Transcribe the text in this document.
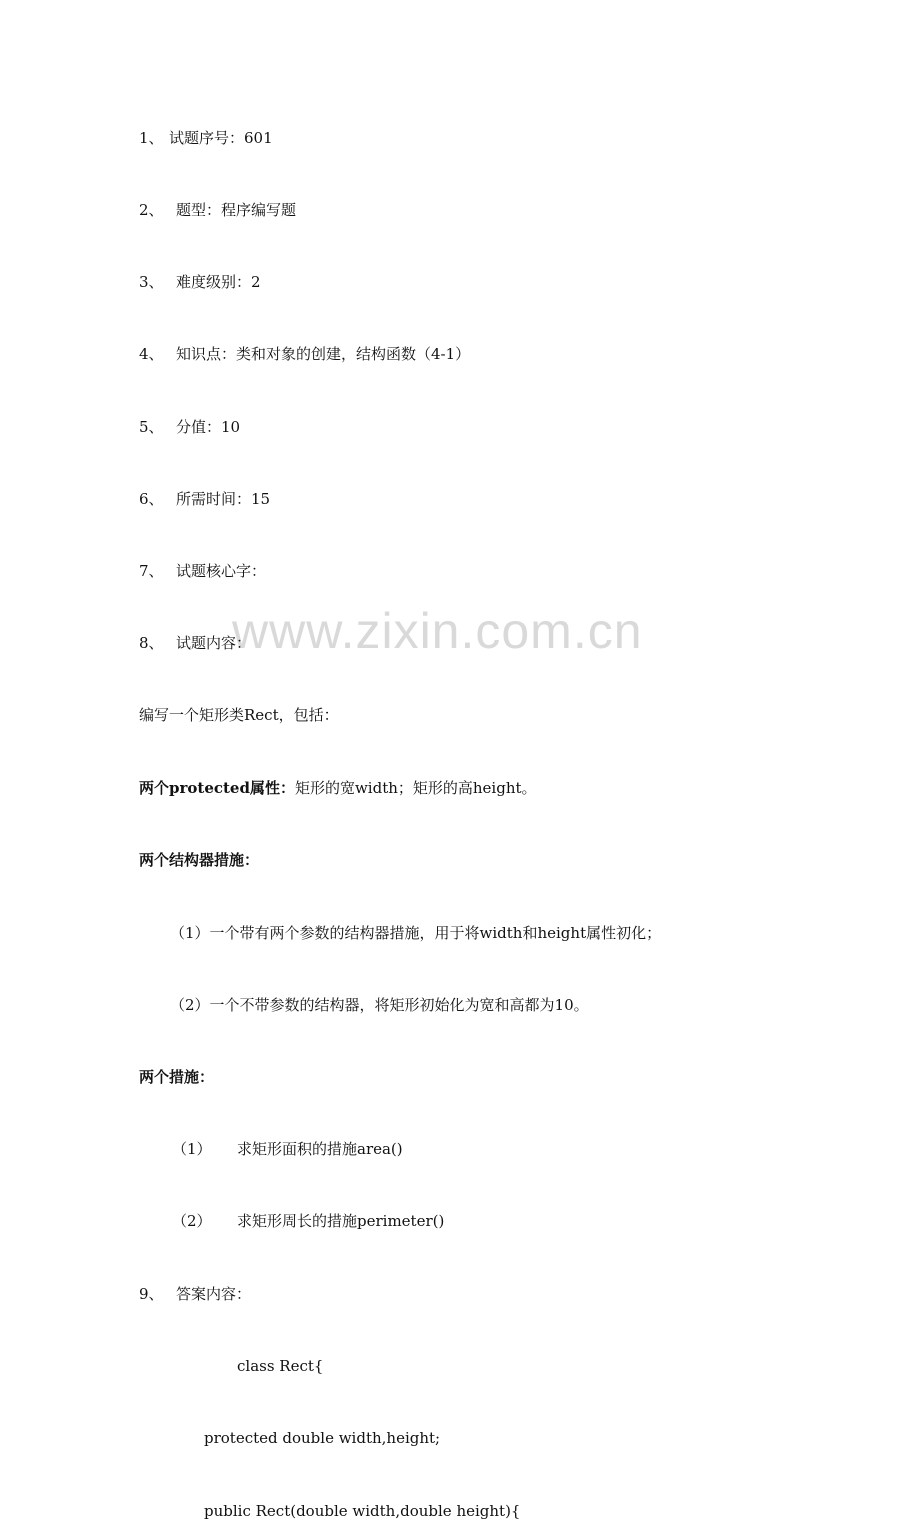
www.zixin.com.cn
1、 试题序号：601
2、 题型：程序编写题
3、 难度级别：2
4、 知识点：类和对象的创建，结构函数（4-1）
5、 分值：10
6、 所需时间：15
7、 试题核心字：
8、 试题内容：
编写一个矩形类Rect，包括：
两个protected属性：矩形的宽width；矩形的高height。
两个结构器措施：
（1）一个带有两个参数的结构器措施，用于将width和height属性初化；
（2）一个不带参数的结构器，将矩形初始化为宽和高都为10。
两个措施：
（1） 求矩形面积的措施area()
（2） 求矩形周长的措施perimeter()
9、 答案内容：
class Rect{
protected double width,height;
public Rect(double width,double height){
